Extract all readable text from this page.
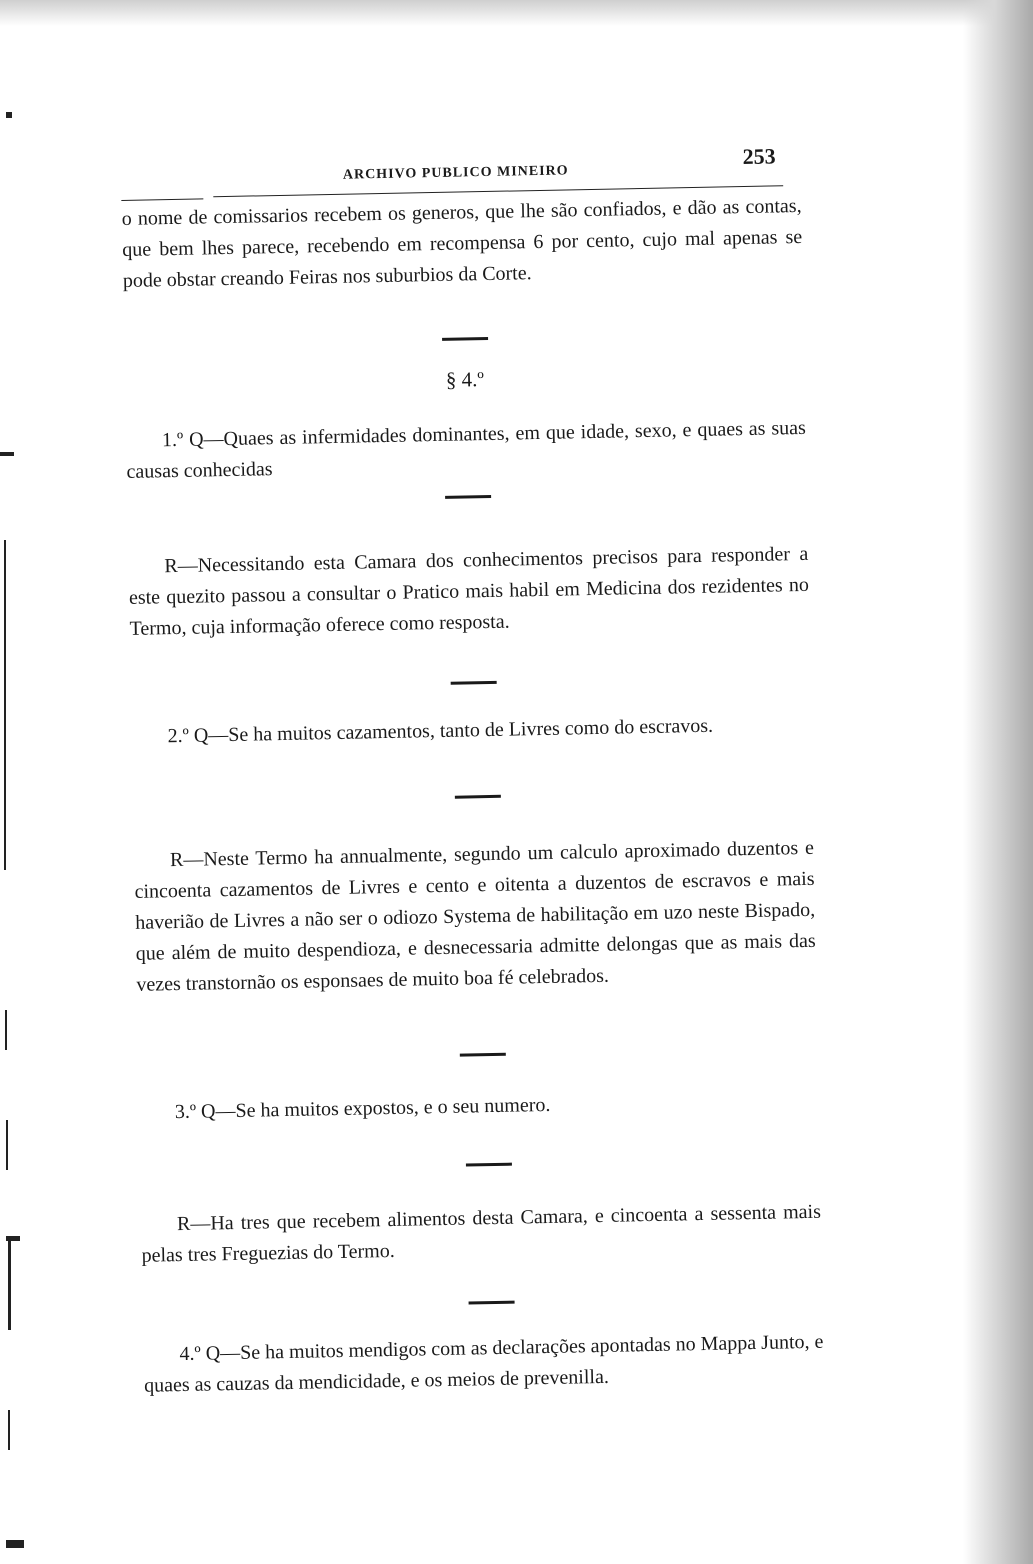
ARCHIVO PUBLICO MINEIRO
253

o nome de comissarios recebem os generos, que lhe são confiados, e dão as contas, que bem lhes parece, recebendo em recompensa 6 por cento, cujo mal apenas se pode obstar creando Feiras nos suburbios da Corte.

§ 4.º

1.º Q—Quaes as infermidades dominantes, em que idade, sexo, e quaes as suas causas conhecidas

R—Necessitando esta Camara dos conhecimentos precisos para responder a este quezito passou a consultar o Pratico mais habil em Medicina dos rezidentes no Termo, cuja informação oferece como resposta.

2.º Q—Se ha muitos cazamentos, tanto de Livres como do escravos.

R—Neste Termo ha annualmente, segundo um calculo aproximado duzentos e cincoenta cazamentos de Livres e cento e oitenta a duzentos de escravos e mais haverião de Livres a não ser o odiozo Systema de habilitação em uzo neste Bispado, que além de muito despendioza, e desnecessaria admitte delongas que as mais das vezes transtornão os esponsaes de muito boa fé celebrados.

3.º Q—Se ha muitos expostos, e o seu numero.

R—Ha tres que recebem alimentos desta Camara, e cincoenta a sessenta mais pelas tres Freguezias do Termo.

4.º Q—Se ha muitos mendigos com as declarações apontadas no Mappa Junto, e quaes as cauzas da mendicidade, e os meios de prevenilla.
